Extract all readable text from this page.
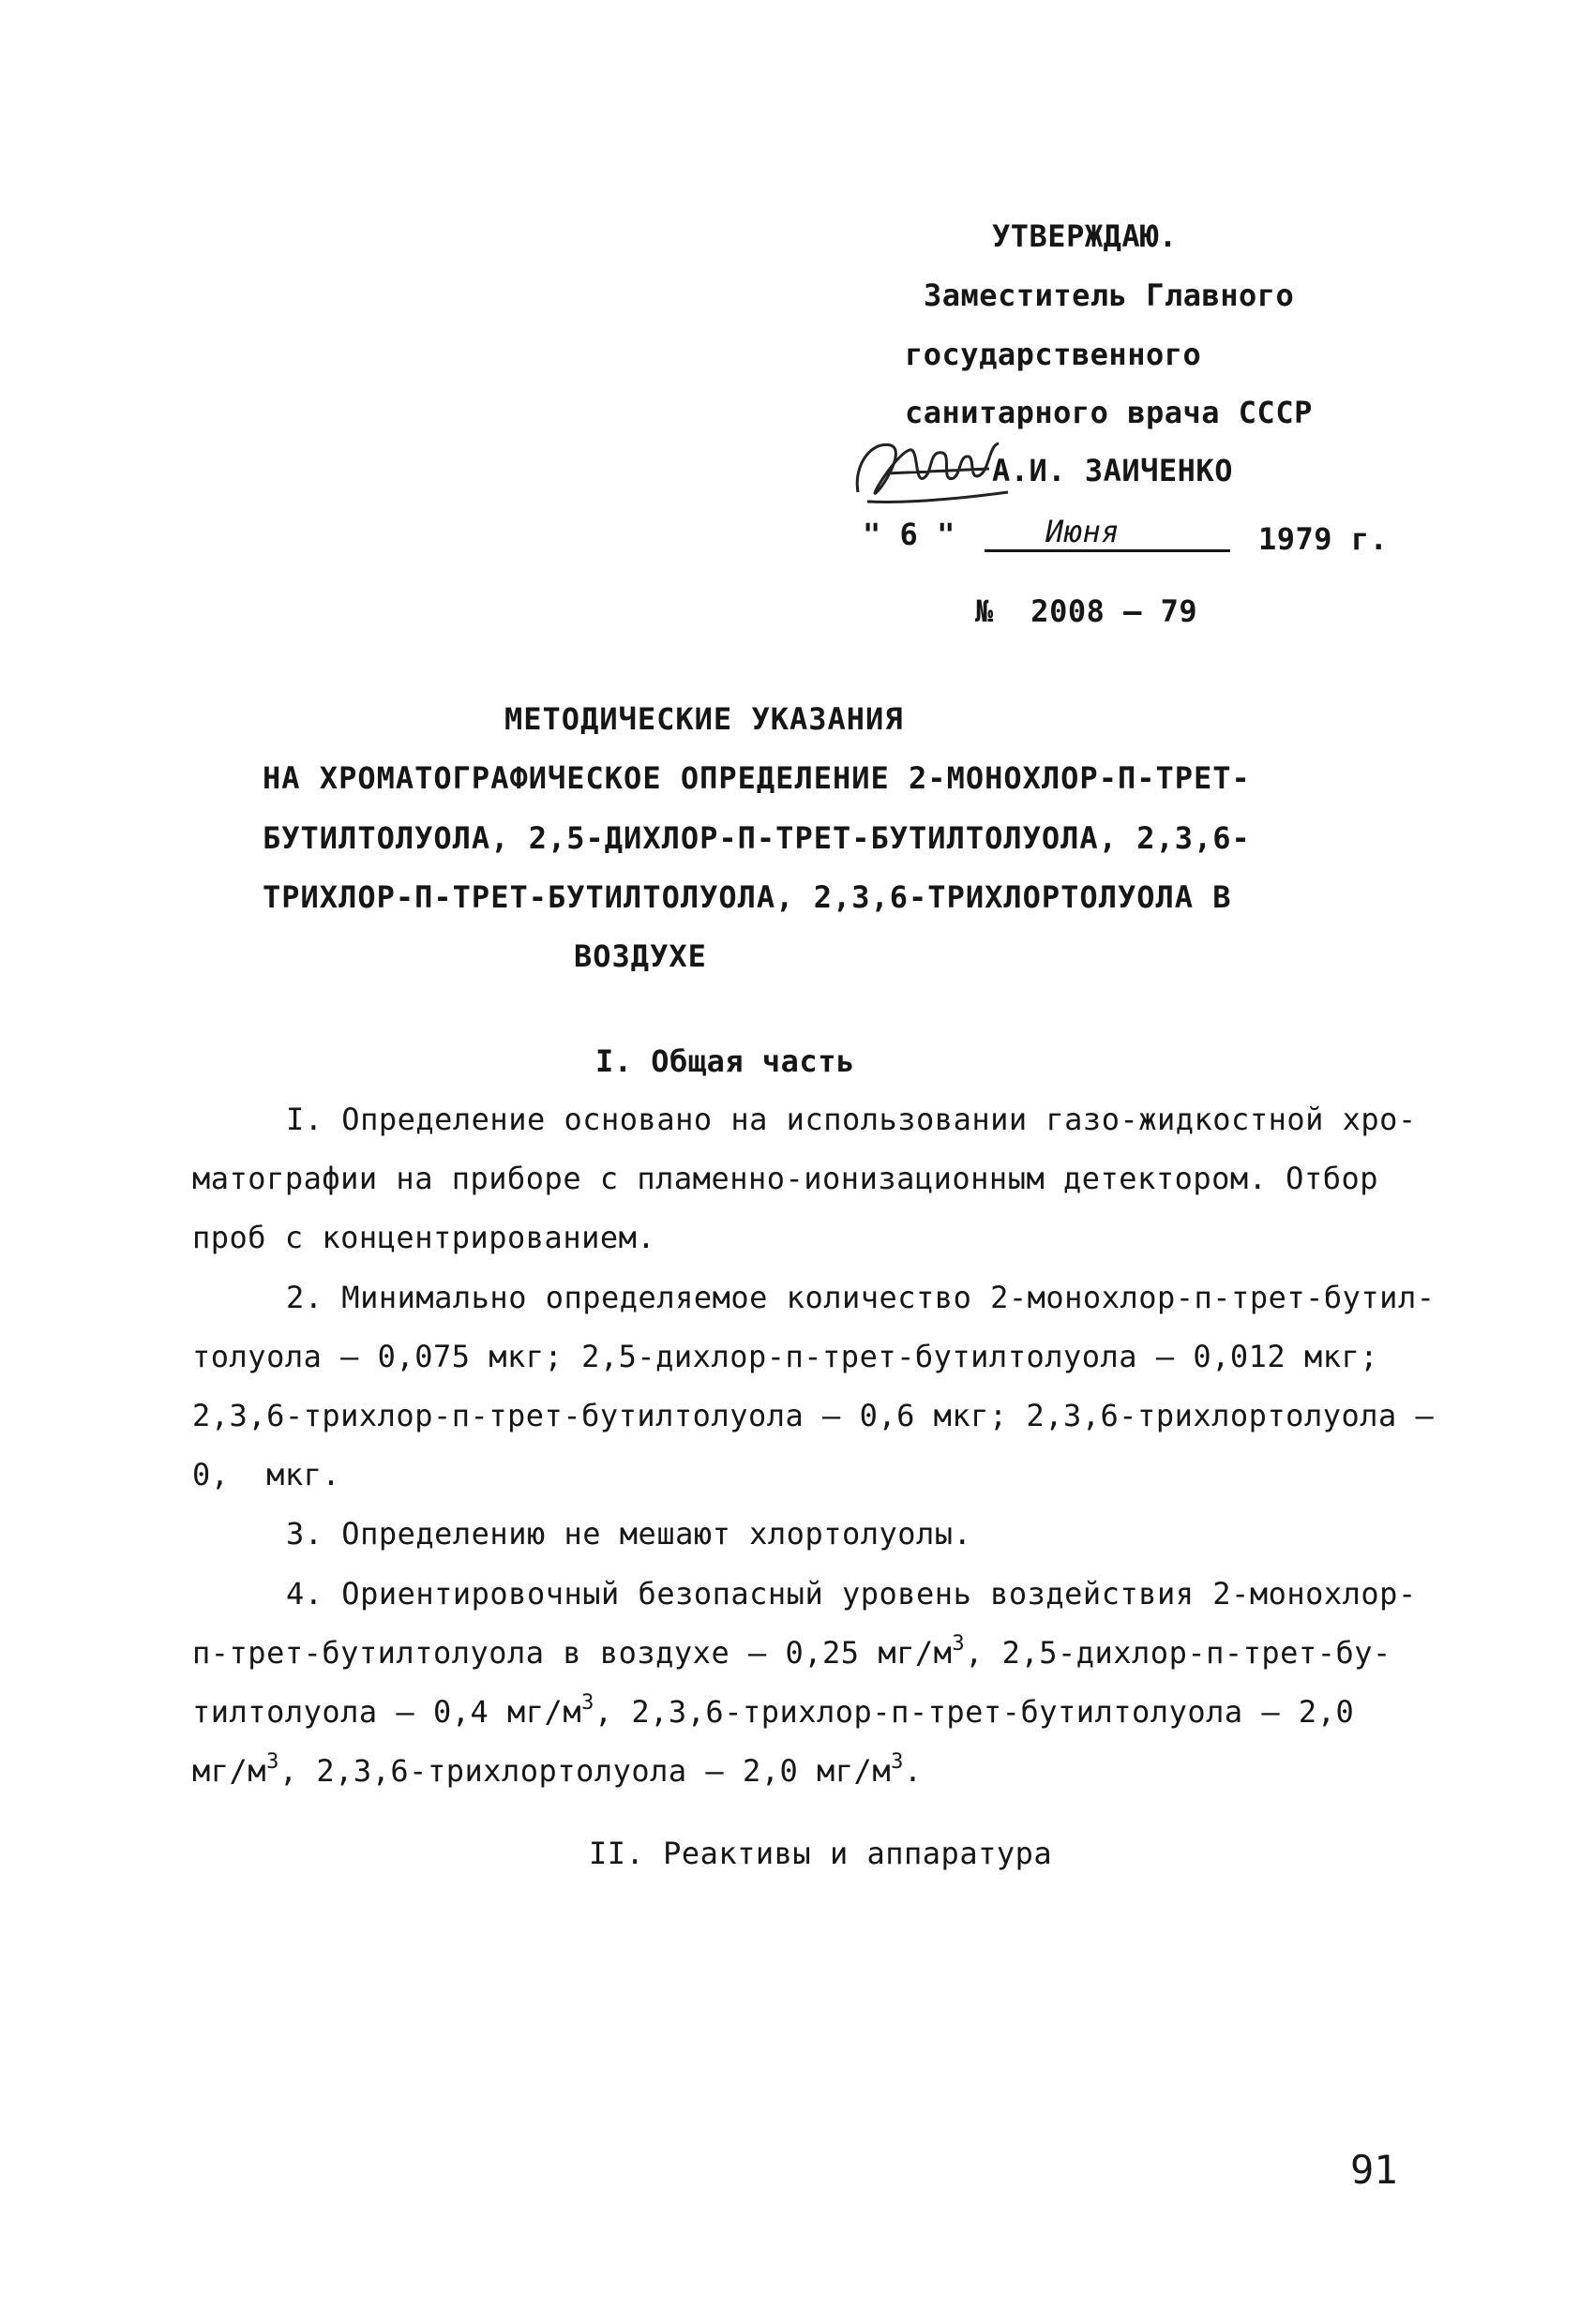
УТВЕРЖДАЮ.
Заместитель Главного
государственного
санитарного врача СССР
А.И. ЗАИЧЕНКО
" 6 "	Июня	1979 г.
№  2008 – 79
МЕТОДИЧЕСКИЕ УКАЗАНИЯ
НА ХРОМАТОГРАФИЧЕСКОЕ ОПРЕДЕЛЕНИЕ 2-МОНОХЛОР-П-ТРЕТ-
БУТИЛТОЛУОЛА, 2,5-ДИХЛОР-П-ТРЕТ-БУТИЛТОЛУОЛА, 2,3,6-
ТРИХЛОР-П-ТРЕТ-БУТИЛТОЛУОЛА, 2,3,6-ТРИХЛОРТОЛУОЛА В
ВОЗДУХЕ
I. Общая часть
I. Определение основано на использовании газо-жидкостной хро-
матографии на приборе с пламенно-ионизационным детектором. Отбор
проб с концентрированием.
2. Минимально определяемое количество 2-монохлор-п-трет-бутил-
толуола – 0,075 мкг; 2,5-дихлор-п-трет-бутилтолуола – 0,012 мкг;
2,3,6-трихлор-п-трет-бутилтолуола – 0,6 мкг; 2,3,6-трихлортолуола –
0,  мкг.
3. Определению не мешают хлортолуолы.
4. Ориентировочный безопасный уровень воздействия 2-монохлор-
п-трет-бутилтолуола в воздухе – 0,25 $мг/м^3$, 2,5-дихлор-п-трет-бу-
тилтолуола – 0,4 $мг/м^3$, 2,3,6-трихлор-п-трет-бутилтолуола – 2,0
$мг/м^3$, 2,3,6-трихлортолуола – 2,0 $мг/м^3$.
II. Реактивы и аппаратура
91
